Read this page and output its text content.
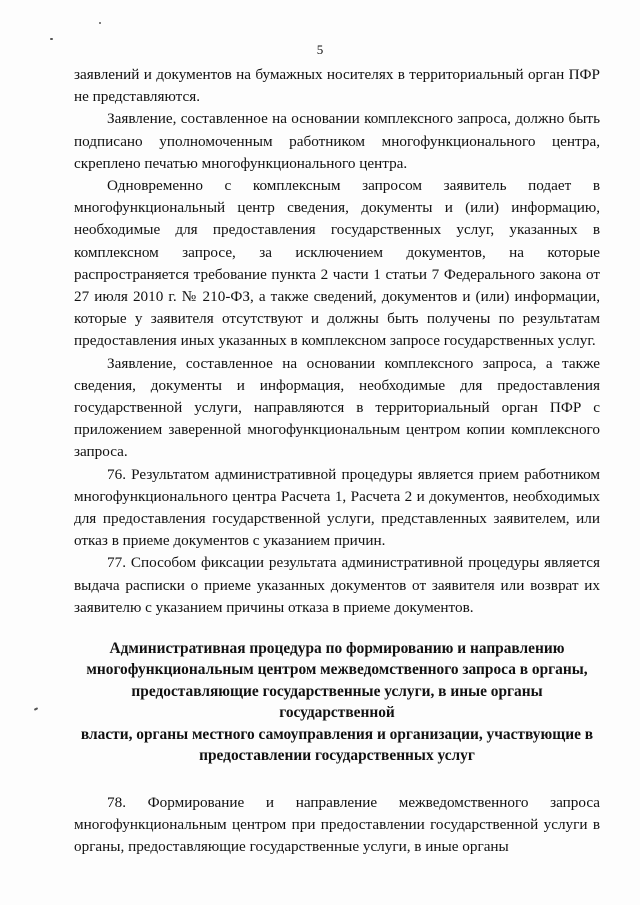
5

заявлений и документов на бумажных носителях в территориальный орган ПФР не представляются.

Заявление, составленное на основании комплексного запроса, должно быть подписано уполномоченным работником многофункционального центра, скреплено печатью многофункционального центра.

Одновременно с комплексным запросом заявитель подает в многофункциональный центр сведения, документы и (или) информацию, необходимые для предоставления государственных услуг, указанных в комплексном запросе, за исключением документов, на которые распространяется требование пункта 2 части 1 статьи 7 Федерального закона от 27 июля 2010 г. № 210-ФЗ, а также сведений, документов и (или) информации, которые у заявителя отсутствуют и должны быть получены по результатам предоставления иных указанных в комплексном запросе государственных услуг.

Заявление, составленное на основании комплексного запроса, а также сведения, документы и информация, необходимые для предоставления государственной услуги, направляются в территориальный орган ПФР с приложением заверенной многофункциональным центром копии комплексного запроса.

76. Результатом административной процедуры является прием работником многофункционального центра Расчета 1, Расчета 2 и документов, необходимых для предоставления государственной услуги, представленных заявителем, или отказ в приеме документов с указанием причин.

77. Способом фиксации результата административной процедуры является выдача расписки о приеме указанных документов от заявителя или возврат их заявителю с указанием причины отказа в приеме документов.

Административная процедура по формированию и направлению
многофункциональным центром межведомственного запроса в органы,
предоставляющие государственные услуги, в иные органы государственной
власти, органы местного самоуправления и организации, участвующие в
предоставлении государственных услуг

78. Формирование и направление межведомственного запроса многофункциональным центром при предоставлении государственной услуги в органы, предоставляющие государственные услуги, в иные органы
